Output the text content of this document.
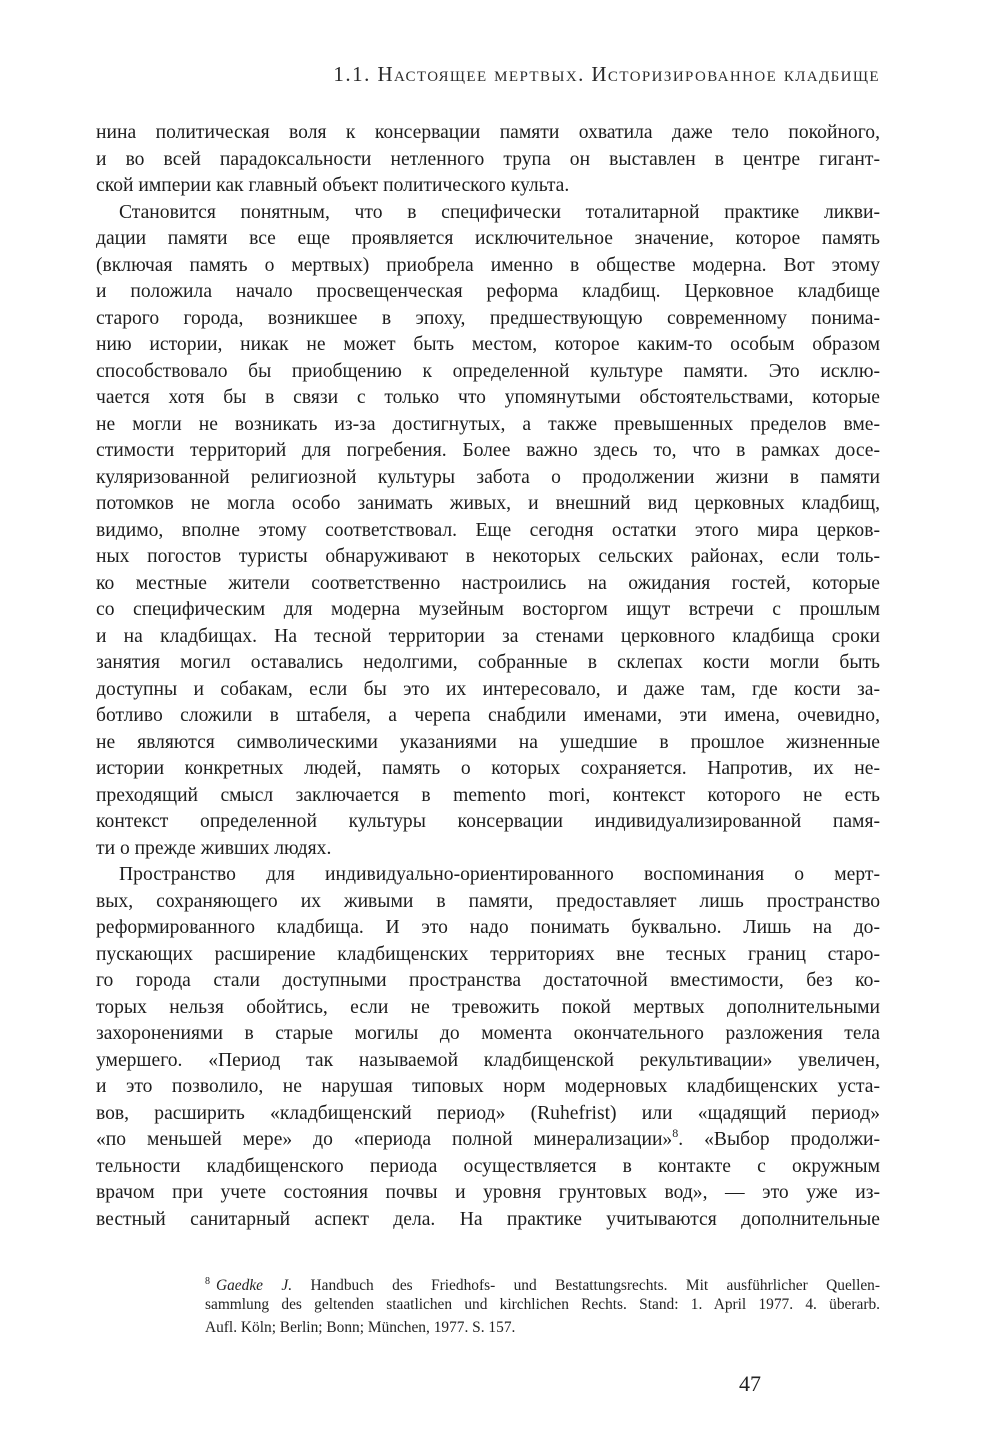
1.1. Настоящее мертвых. Историзированное кладбище
нина политическая воля к консервации памяти охватила даже тело покойного,
и во всей парадоксальности нетленного трупа он выставлен в центре гигант-
ской империи как главный объект политического культа.
Становится понятным, что в специфически тоталитарной практике ликви-
дации памяти все еще проявляется исключительное значение, которое память
(включая память о мертвых) приобрела именно в обществе модерна. Вот этому
и положила начало просвещенческая реформа кладбищ. Церковное кладбище
старого города, возникшее в эпоху, предшествующую современному понима-
нию истории, никак не может быть местом, которое каким-то особым образом
способствовало бы приобщению к определенной культуре памяти. Это исклю-
чается хотя бы в связи с только что упомянутыми обстоятельствами, которые
не могли не возникать из-за достигнутых, а также превышенных пределов вме-
стимости территорий для погребения. Более важно здесь то, что в рамках досе-
куляризованной религиозной культуры забота о продолжении жизни в памяти
потомков не могла особо занимать живых, и внешний вид церковных кладбищ,
видимо, вполне этому соответствовал. Еще сегодня остатки этого мира церков-
ных погостов туристы обнаруживают в некоторых сельских районах, если толь-
ко местные жители соответственно настроились на ожидания гостей, которые
со специфическим для модерна музейным восторгом ищут встречи с прошлым
и на кладбищах. На тесной территории за стенами церковного кладбища сроки
занятия могил оставались недолгими, собранные в склепах кости могли быть
доступны и собакам, если бы это их интересовало, и даже там, где кости за-
ботливо сложили в штабеля, а черепа снабдили именами, эти имена, очевидно,
не являются символическими указаниями на ушедшие в прошлое жизненные
истории конкретных людей, память о которых сохраняется. Напротив, их не-
преходящий смысл заключается в memento mori, контекст которого не есть
контекст определенной культуры консервации индивидуализированной памя-
ти о прежде живших людях.
Пространство для индивидуально-ориентированного воспоминания о мерт-
вых, сохраняющего их живыми в памяти, предоставляет лишь пространство
реформированного кладбища. И это надо понимать буквально. Лишь на до-
пускающих расширение кладбищенских территориях вне тесных границ старо-
го города стали доступными пространства достаточной вместимости, без ко-
торых нельзя обойтись, если не тревожить покой мертвых дополнительными
захоронениями в старые могилы до момента окончательного разложения тела
умершего. «Период так называемой кладбищенской рекультивации» увеличен,
и это позволило, не нарушая типовых норм модерновых кладбищенских уста-
вов, расширить «кладбищенский период» (Ruhefrist) или «щадящий период»
«по меньшей мере» до «периода полной минерализации»$^8$. «Выбор продолжи-
тельности кладбищенского периода осуществляется в контакте с окружным
врачом при учете состояния почвы и уровня грунтовых вод», — это уже из-
вестный санитарный аспект дела. На практике учитываются дополнительные
$^8$ Gaedke J. Handbuch des Friedhofs- und Bestattungsrechts. Mit ausführlicher Quellen-
sammlung des geltenden staatlichen und kirchlichen Rechts. Stand: 1. April 1977. 4. überarb.
Aufl. Köln; Berlin; Bonn; München, 1977. S. 157.
47
